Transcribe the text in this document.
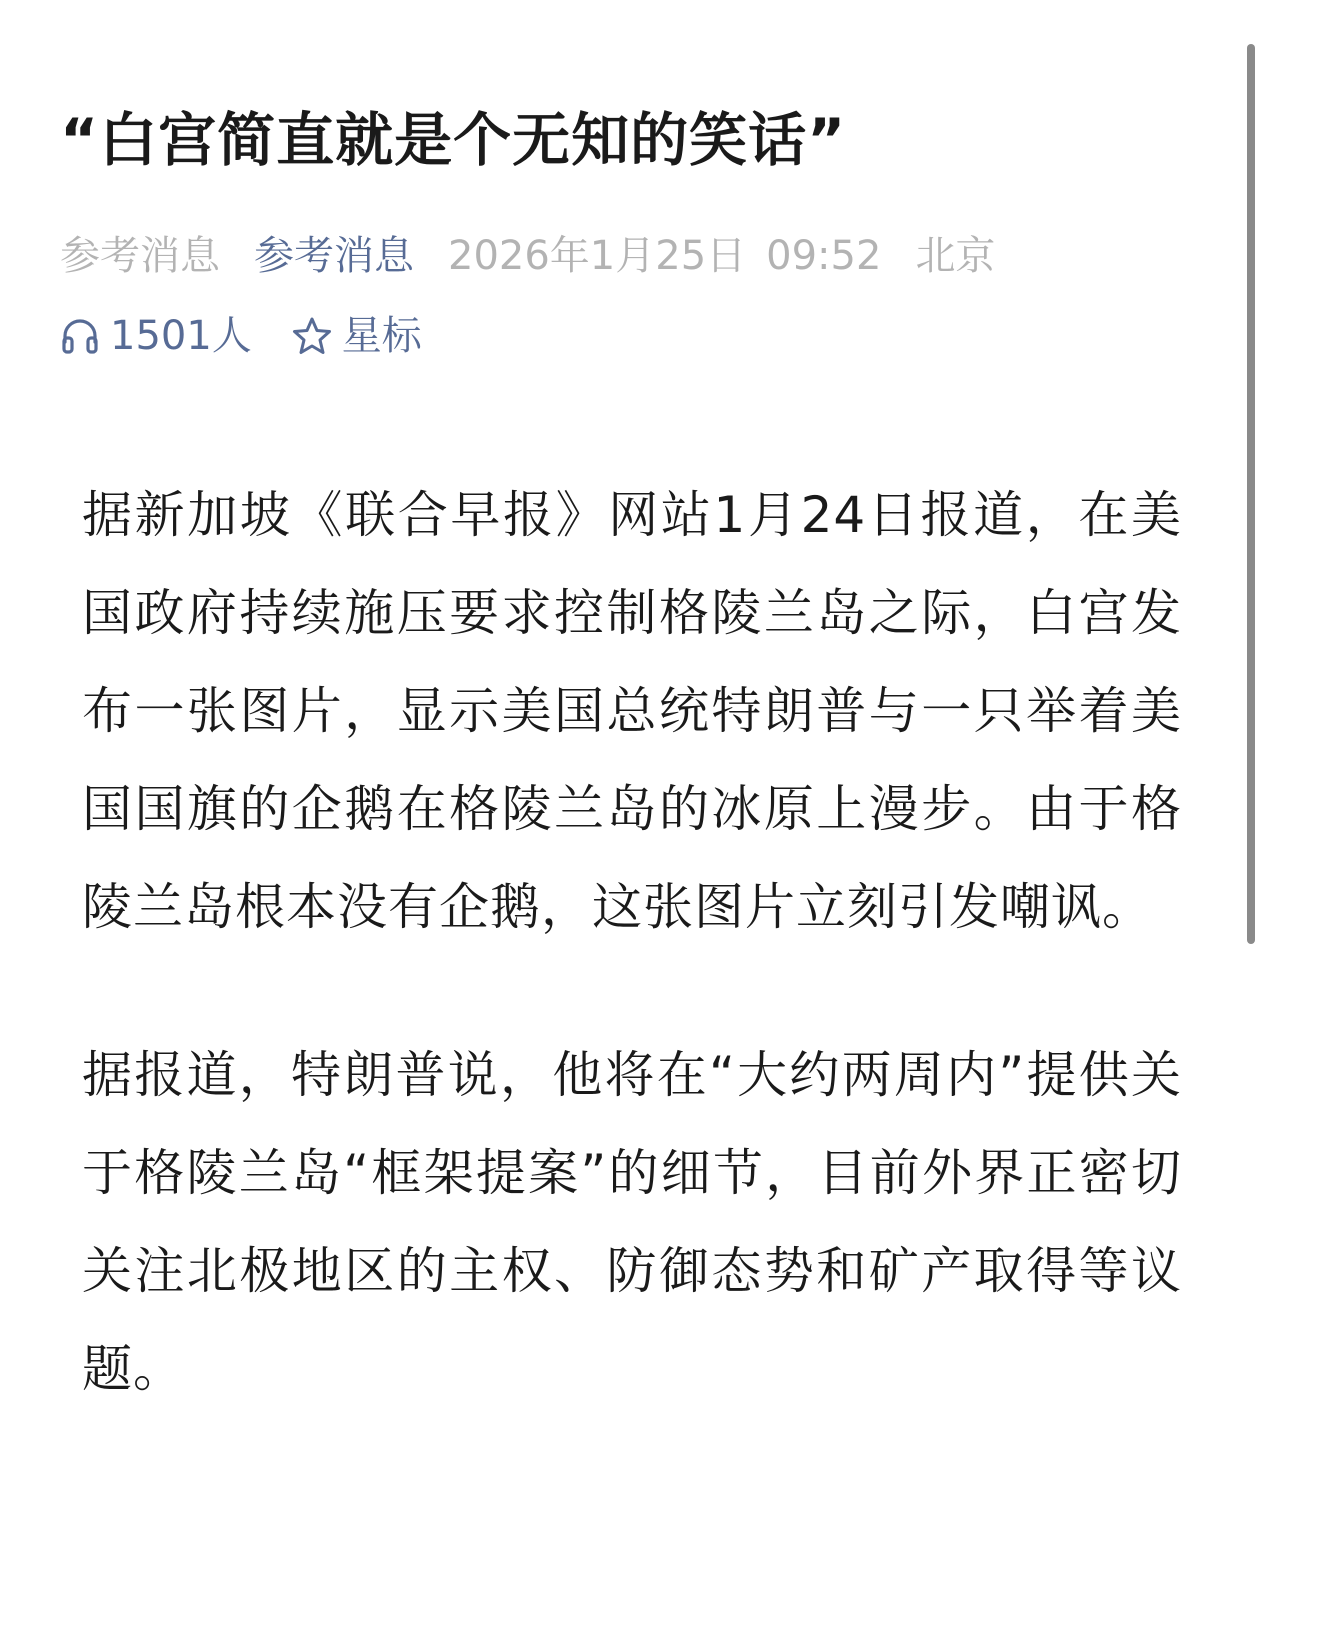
“白宫简直就是个无知的笑话”
参考消息 参考消息 2026年1月25日 09:52 北京
1501人 星标

据新加坡《联合早报》网站1月24日报道，在美国政府持续施压要求控制格陵兰岛之际，白宫发布一张图片，显示美国总统特朗普与一只举着美国国旗的企鹅在格陵兰岛的冰原上漫步。由于格陵兰岛根本没有企鹅，这张图片立刻引发嘲讽。

据报道，特朗普说，他将在“大约两周内”提供关于格陵兰岛“框架提案”的细节，目前外界正密切关注北极地区的主权、防御态势和矿产取得等议题。
